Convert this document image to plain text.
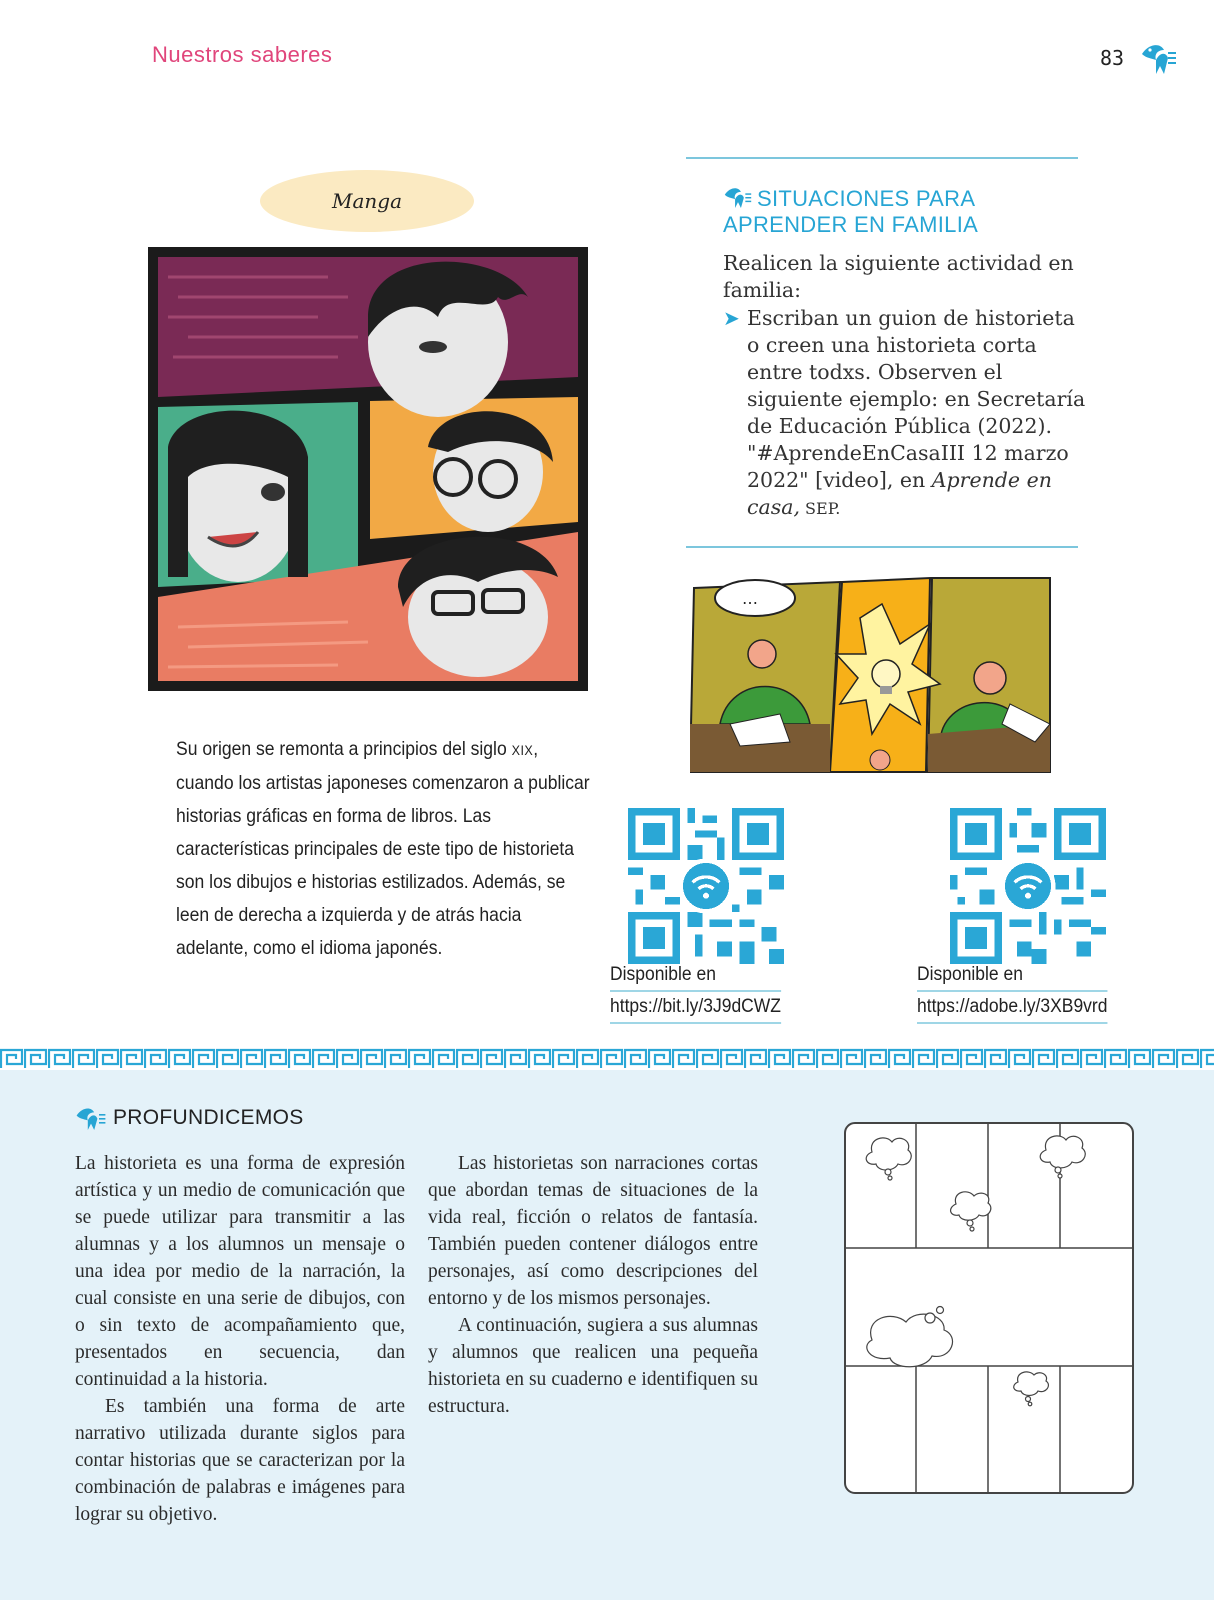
Nuestros saberes	83
Manga
Su origen se remonta a principios del siglo XIX, cuando los artistas japoneses comenzaron a publicar historias gráficas en forma de libros. Las características principales de este tipo de historieta son los dibujos e historias estilizados. Además, se leen de derecha a izquierda y de atrás hacia adelante, como el idioma japonés.
SITUACIONES PARA
APRENDER EN FAMILIA
Realicen la siguiente actividad en familia:
➤ Escriban un guion de historieta o creen una historieta corta entre todxs. Observen el siguiente ejemplo: en Secretaría de Educación Pública (2022). "#AprendeEnCasaIII 12 marzo 2022" [video], en Aprende en casa, SEP.
…
Disponible en
https://bit.ly/3J9dCWZ
Disponible en
https://adobe.ly/3XB9vrd
PROFUNDICEMOS

La historieta es una forma de expresión artística y un medio de comunicación que se puede utilizar para transmitir a las alumnas y a los alumnos un mensaje o una idea por medio de la narración, la cual consiste en una serie de dibujos, con o sin texto de acompañamiento que, presentados en secuencia, dan continuidad a la historia.

Es también una forma de arte narrativo utilizada durante siglos para contar historias que se caracterizan por la combinación de palabras e imágenes para lograr su objetivo.

Las historietas son narraciones cortas que abordan temas de situaciones de la vida real, ficción o relatos de fantasía. También pueden contener diálogos entre personajes, así como descripciones del entorno y de los mismos personajes.

A continuación, sugiera a sus alumnas y alumnos que realicen una pequeña historieta en su cuaderno e identifiquen su estructura.
